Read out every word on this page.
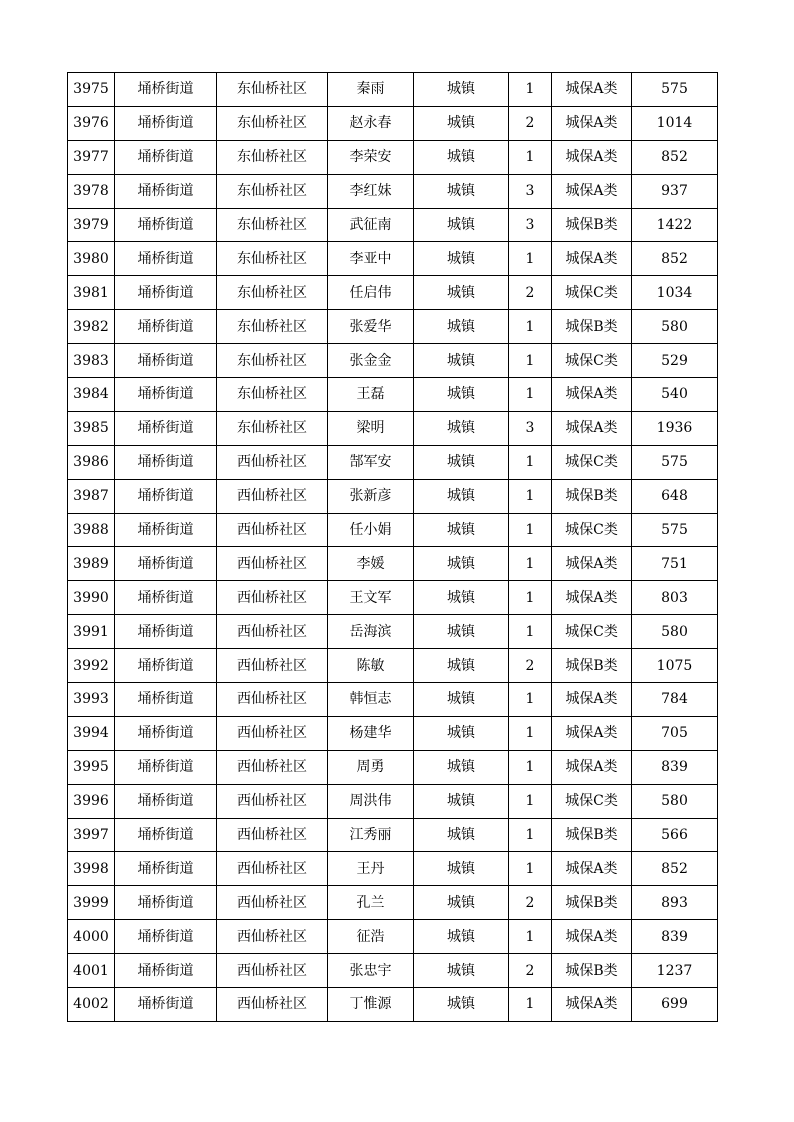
3975	埇桥街道	东仙桥社区	秦雨	城镇	1	城保A类	575
3976	埇桥街道	东仙桥社区	赵永春	城镇	2	城保A类	1014
3977	埇桥街道	东仙桥社区	李荣安	城镇	1	城保A类	852
3978	埇桥街道	东仙桥社区	李红妹	城镇	3	城保A类	937
3979	埇桥街道	东仙桥社区	武征南	城镇	3	城保B类	1422
3980	埇桥街道	东仙桥社区	李亚中	城镇	1	城保A类	852
3981	埇桥街道	东仙桥社区	任启伟	城镇	2	城保C类	1034
3982	埇桥街道	东仙桥社区	张爱华	城镇	1	城保B类	580
3983	埇桥街道	东仙桥社区	张金金	城镇	1	城保C类	529
3984	埇桥街道	东仙桥社区	王磊	城镇	1	城保A类	540
3985	埇桥街道	东仙桥社区	梁明	城镇	3	城保A类	1936
3986	埇桥街道	西仙桥社区	郜军安	城镇	1	城保C类	575
3987	埇桥街道	西仙桥社区	张新彦	城镇	1	城保B类	648
3988	埇桥街道	西仙桥社区	任小娟	城镇	1	城保C类	575
3989	埇桥街道	西仙桥社区	李媛	城镇	1	城保A类	751
3990	埇桥街道	西仙桥社区	王文军	城镇	1	城保A类	803
3991	埇桥街道	西仙桥社区	岳海滨	城镇	1	城保C类	580
3992	埇桥街道	西仙桥社区	陈敏	城镇	2	城保B类	1075
3993	埇桥街道	西仙桥社区	韩恒志	城镇	1	城保A类	784
3994	埇桥街道	西仙桥社区	杨建华	城镇	1	城保A类	705
3995	埇桥街道	西仙桥社区	周勇	城镇	1	城保A类	839
3996	埇桥街道	西仙桥社区	周洪伟	城镇	1	城保C类	580
3997	埇桥街道	西仙桥社区	江秀丽	城镇	1	城保B类	566
3998	埇桥街道	西仙桥社区	王丹	城镇	1	城保A类	852
3999	埇桥街道	西仙桥社区	孔兰	城镇	2	城保B类	893
4000	埇桥街道	西仙桥社区	征浩	城镇	1	城保A类	839
4001	埇桥街道	西仙桥社区	张忠宇	城镇	2	城保B类	1237
4002	埇桥街道	西仙桥社区	丁惟源	城镇	1	城保A类	699
